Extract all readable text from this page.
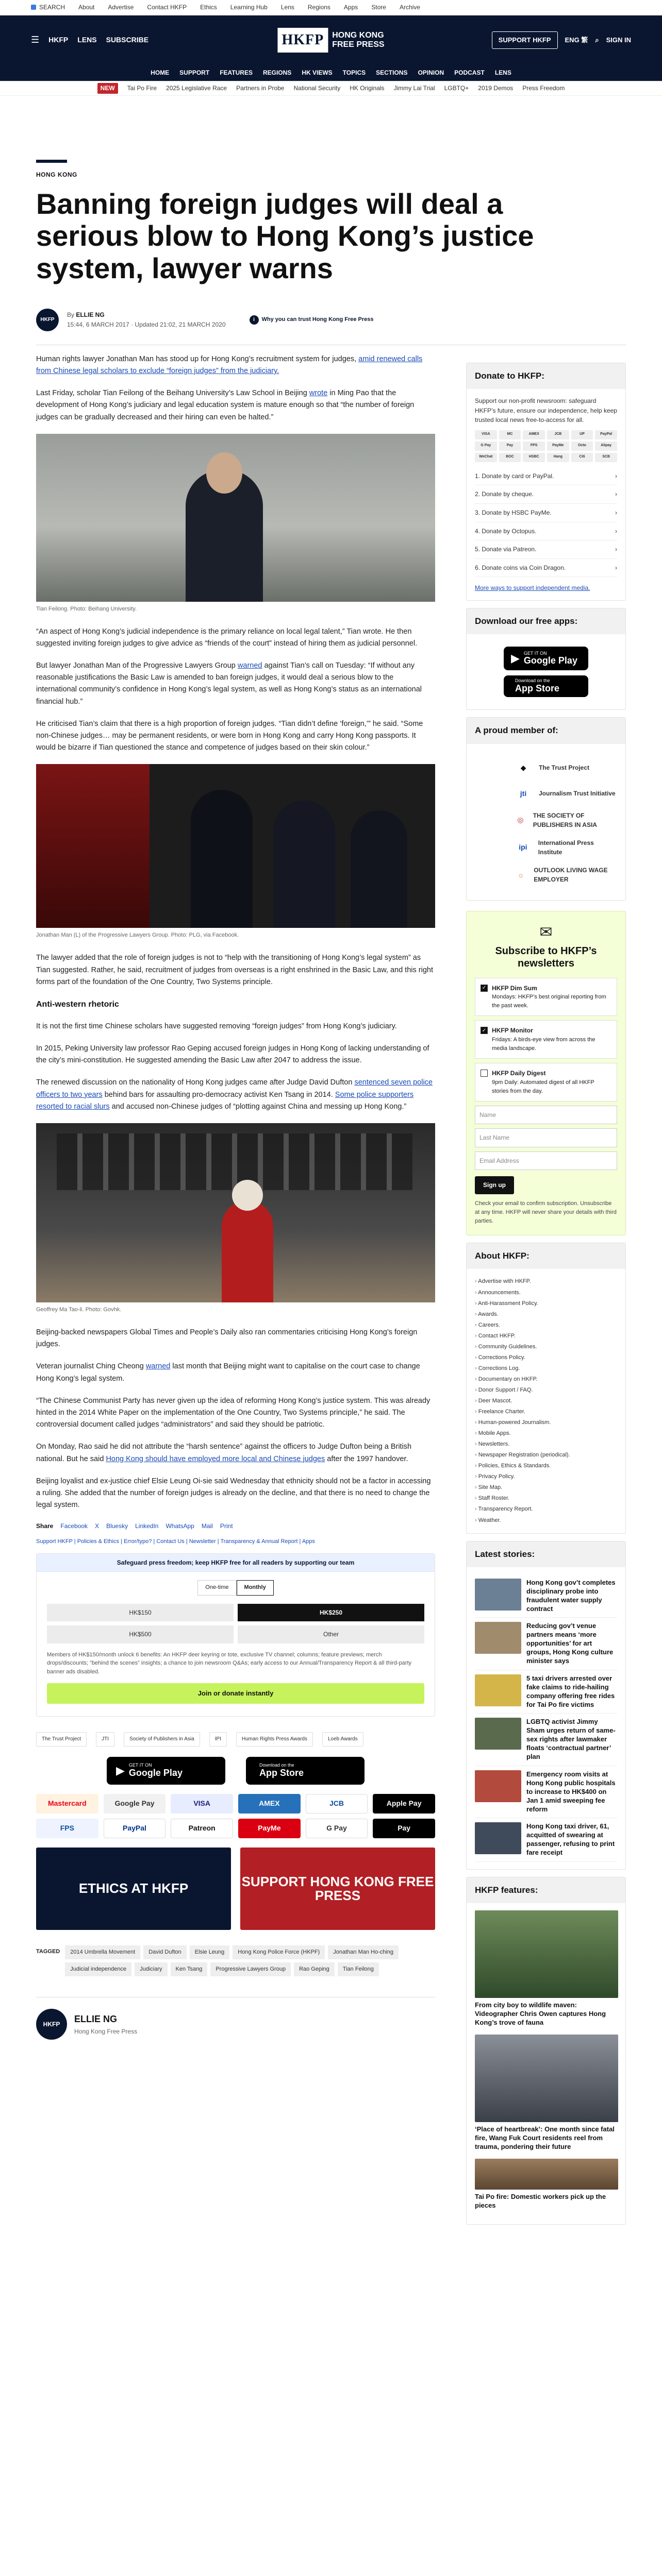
SEARCH About Advertise Contact HKFP Ethics Learning Hub Lens Regions Apps Store Archive
☰ HKFP LENS SUBSCRIBE	HKFP	HONG KONG
FREE PRESS
SUPPORT HKFP	ENG 繁 ⌕ SIGN IN
HOME SUPPORT FEATURES REGIONS HK VIEWS TOPICS SECTIONS OPINION PODCAST LENS
NEW	Tai Po Fire 2025 Legislative Race Partners in Probe National Security HK Originals Jimmy Lai Trial LGBTQ+ 2019 Demos Press Freedom
HONG KONG
Banning foreign judges will deal a serious blow to Hong Kong’s justice system, lawyer warns
HKFP
By ELLIE NG
15:44, 6 MARCH 2017 · Updated 21:02, 21 MARCH 2020
i	Why you can trust Hong Kong Free Press

Human rights lawyer Jonathan Man has stood up for Hong Kong’s recruitment system for judges, amid renewed calls from Chinese legal scholars to exclude “foreign judges” from the judiciary.

Last Friday, scholar Tian Feilong of the Beihang University’s Law School in Beijing wrote in Ming Pao that the development of Hong Kong’s judiciary and legal education system is mature enough so that “the number of foreign judges can be gradually decreased and their hiring can even be halted.”

Tian Feilong. Photo: Beihang University.

“An aspect of Hong Kong’s judicial independence is the primary reliance on local legal talent,” Tian wrote. He then suggested inviting foreign judges to give advice as “friends of the court” instead of hiring them as judicial personnel.

But lawyer Jonathan Man of the Progressive Lawyers Group warned against Tian’s call on Tuesday: “If without any reasonable justifications the Basic Law is amended to ban foreign judges, it would deal a serious blow to the international community’s confidence in Hong Kong’s legal system, as well as Hong Kong’s status as an international financial hub.”

He criticised Tian’s claim that there is a high proportion of foreign judges. “Tian didn’t define ‘foreign,’” he said. “Some non-Chinese judges… may be permanent residents, or were born in Hong Kong and carry Hong Kong passports. It would be bizarre if Tian questioned the stance and competence of judges based on their skin colour.”

Jonathan Man (L) of the Progressive Lawyers Group. Photo: PLG, via Facebook.

The lawyer added that the role of foreign judges is not to “help with the transitioning of Hong Kong’s legal system” as Tian suggested. Rather, he said, recruitment of judges from overseas is a right enshrined in the Basic Law, and this right forms part of the foundation of the One Country, Two Systems principle.

Anti-western rhetoric

It is not the first time Chinese scholars have suggested removing “foreign judges” from Hong Kong’s judiciary.

In 2015, Peking University law professor Rao Geping accused foreign judges in Hong Kong of lacking understanding of the city’s mini-constitution. He suggested amending the Basic Law after 2047 to address the issue.

The renewed discussion on the nationality of Hong Kong judges came after Judge David Dufton sentenced seven police officers to two years behind bars for assaulting pro-democracy activist Ken Tsang in 2014. Some police supporters resorted to racial slurs and accused non-Chinese judges of “plotting against China and messing up Hong Kong.”

Geoffrey Ma Tao-li. Photo: Govhk.

Beijing-backed newspapers Global Times and People’s Daily also ran commentaries criticising Hong Kong’s foreign judges.

Veteran journalist Ching Cheong warned last month that Beijing might want to capitalise on the court case to change Hong Kong’s legal system.

“The Chinese Communist Party has never given up the idea of reforming Hong Kong’s justice system. This was already hinted in the 2014 White Paper on the implementation of the One Country, Two Systems principle,” he said. The controversial document called judges “administrators” and said they should be patriotic.

On Monday, Rao said he did not attribute the “harsh sentence” against the officers to Judge Dufton being a British national. But he said Hong Kong should have employed more local and Chinese judges after the 1997 handover.

Beijing loyalist and ex-justice chief Elsie Leung Oi-sie said Wednesday that ethnicity should not be a factor in accessing a ruling. She added that the number of foreign judges is already on the decline, and that there is no need to change the legal system.

Share Facebook X Bluesky LinkedIn WhatsApp Mail Print
Support HKFP | Policies & Ethics | Error/typo? | Contact Us | Newsletter | Transparency & Annual Report | Apps
Safeguard press freedom; keep HKFP free for all readers by supporting our team
One-time	Monthly
HK$150	HK$250
HK$500	Other
Members of HK$150/month unlock 6 benefits: An HKFP deer keyring or tote, exclusive TV channel; columns; feature previews; merch drops/discounts; “behind the scenes” insights; a chance to join newsroom Q&As; early access to our Annual/Transparency Report & all third-party banner ads disabled.
Join or donate instantly
The Trust Project	JTI	Society of Publishers in Asia	IPI	Human Rights Press Awards	Loeb Awards
▶ GET IT ON
Google Play
Download on the
App Store
Mastercard	Google Pay	VISA	AMEX	JCB	Apple Pay
FPS	PayPal	Patreon	PayMe	G Pay	Pay
ETHICS AT HKFP	SUPPORT HONG KONG FREE PRESS
TAGGED	2014 Umbrella Movement	David Dufton	Elsie Leung	Hong Kong Police Force (HKPF)	Jonathan Man Ho-ching
Judicial independence	Judiciary	Ken Tsang	Progressive Lawyers Group	Rao Geping	Tian Feilong
HKFP	ELLIE NG
Hong Kong Free Press
Donate to HKFP:
Support our non-profit newsroom: safeguard HKFP’s future, ensure our independence, help keep trusted local news free-to-access for all.
VISA	MC	AMEX	JCB	UP	PayPal
G Pay	Pay	FPS	PayMe	Octo	Alipay
WeChat	BOC	HSBC	Hang	Citi	SCB
1. Donate by card or PayPal.	›
2. Donate by cheque.	›
3. Donate by HSBC PayMe.	›
4. Donate by Octopus.	›
5. Donate via Patreon.	›
6. Donate coins via Coin Dragon.	›
More ways to support independent media.
Download our free apps:
▶ GET IT ON
Google Play
Download on the
App Store
A proud member of:
◆	The Trust Project
jti	Journalism Trust Initiative
◎
THE SOCIETY OF PUBLISHERS IN ASIA
ipi
International Press Institute
☼
OUTLOOK LIVING WAGE EMPLOYER
✉
Subscribe to HKFP’s newsletters
✓ HKFP Dim Sum
Mondays: HKFP’s best original reporting from the past week.
✓ HKFP Monitor
Fridays: A birds-eye view from across the media landscape.
HKFP Daily Digest
9pm Daily: Automated digest of all HKFP stories from the day.
Name
Last Name
Email Address
Sign up
Check your email to confirm subscription. Unsubscribe at any time. HKFP will never share your details with third parties.
About HKFP:
› Advertise with HKFP.
› Announcements.
› Anti-Harassment Policy.
› Awards.
› Careers.
› Contact HKFP.
› Community Guidelines.
› Corrections Policy.
› Corrections Log.
› Documentary on HKFP.
› Donor Support / FAQ.
› Deer Mascot.
› Freelance Charter.
› Human-powered Journalism.
› Mobile Apps.
› Newsletters.
› Newspaper Registration (periodical).
› Policies, Ethics & Standards.
› Privacy Policy.
› Site Map.
› Staff Roster.
› Transparency Report.
› Weather.
Latest stories:
Hong Kong gov’t completes disciplinary probe into fraudulent water supply contract
Reducing gov’t venue partners means ‘more opportunities’ for art groups, Hong Kong culture minister says
5 taxi drivers arrested over fake claims to ride-hailing company offering free rides for Tai Po fire victims
LGBTQ activist Jimmy Sham urges return of same-sex rights after lawmaker floats ‘contractual partner’ plan
Emergency room visits at Hong Kong public hospitals to increase to HK$400 on Jan 1 amid sweeping fee reform
Hong Kong taxi driver, 61, acquitted of swearing at passenger, refusing to print fare receipt
HKFP features:
From city boy to wildlife maven: Videographer Chris Owen captures Hong Kong’s trove of fauna
‘Place of heartbreak’: One month since fatal fire, Wang Fuk Court residents reel from trauma, pondering their future
Tai Po fire: Domestic workers pick up the pieces
